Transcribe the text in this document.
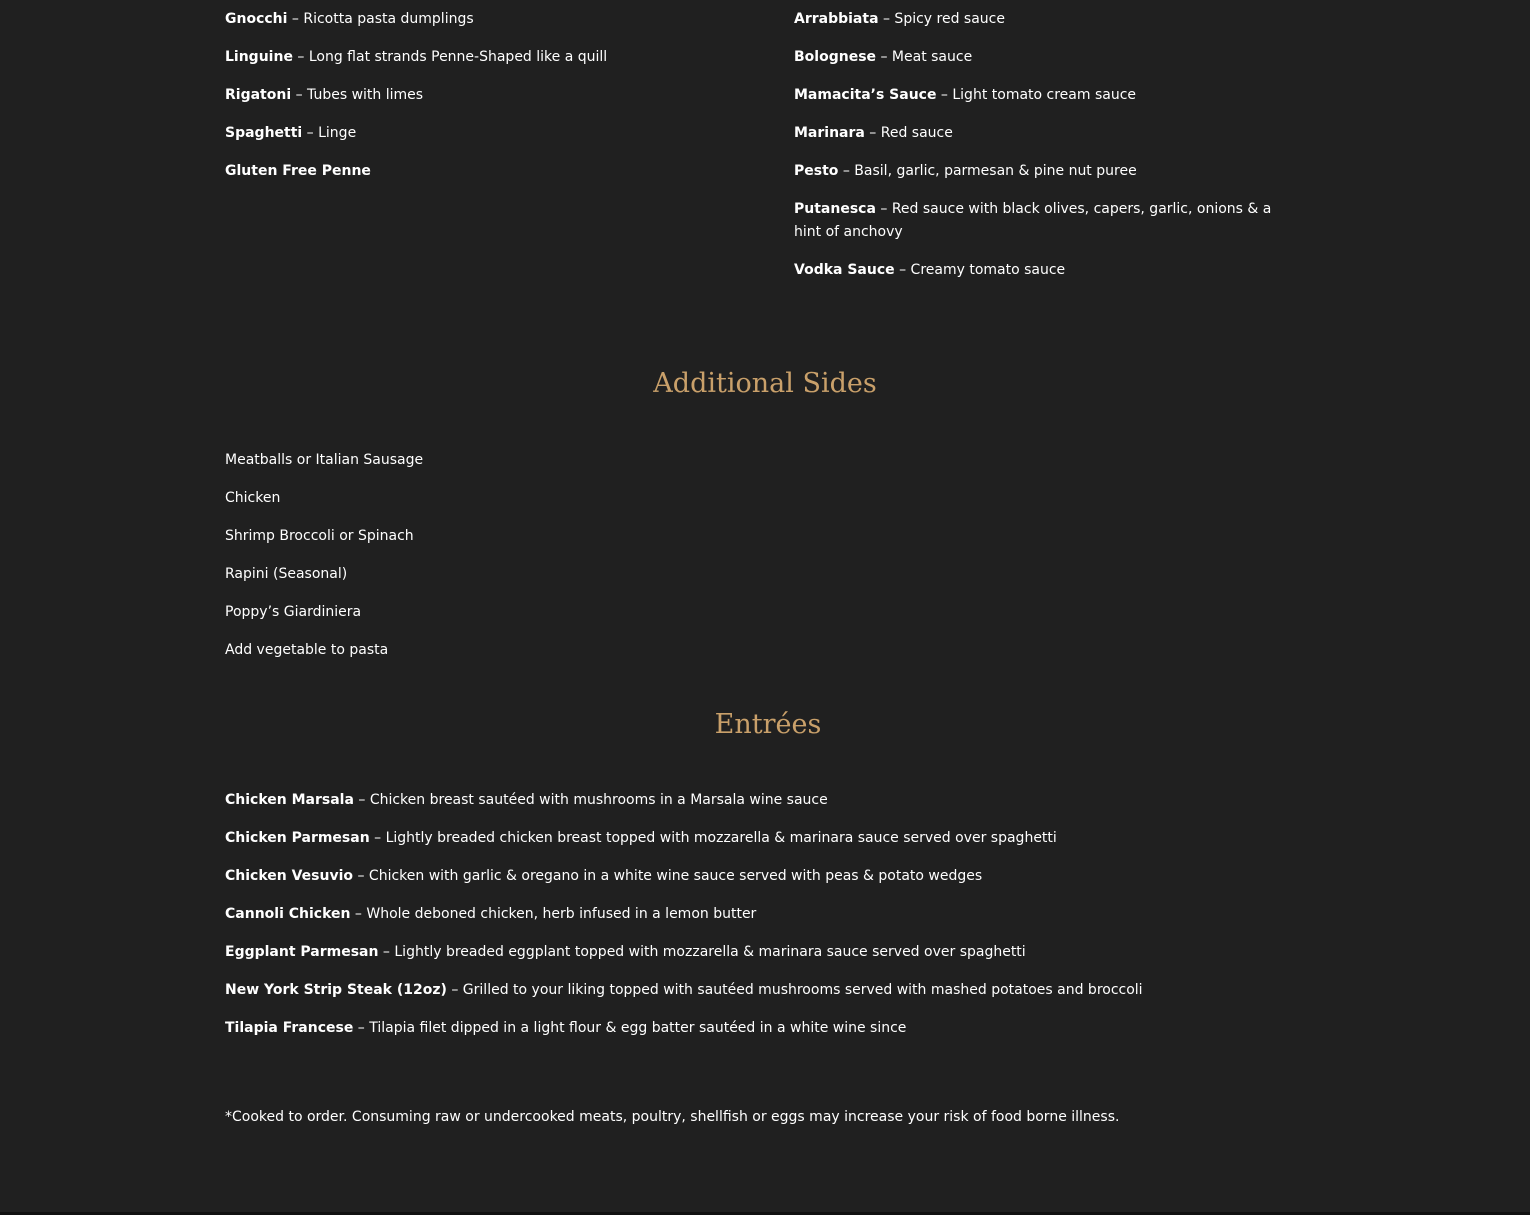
Gnocchi – Ricotta pasta dumplings

Linguine – Long flat strands Penne-Shaped like a quill

Rigatoni – Tubes with limes

Spaghetti – Linge

Gluten Free Penne

Arrabbiata – Spicy red sauce

Bolognese – Meat sauce

Mamacita’s Sauce – Light tomato cream sauce

Marinara – Red sauce

Pesto – Basil, garlic, parmesan & pine nut puree

Putanesca – Red sauce with black olives, capers, garlic, onions & a hint of anchovy

Vodka Sauce – Creamy tomato sauce

Additional Sides

Meatballs or Italian Sausage

Chicken

Shrimp Broccoli or Spinach

Rapini (Seasonal)

Poppy’s Giardiniera

Add vegetable to pasta

Entrées

Chicken Marsala – Chicken breast sautéed with mushrooms in a Marsala wine sauce

Chicken Parmesan – Lightly breaded chicken breast topped with mozzarella & marinara sauce served over spaghetti

Chicken Vesuvio – Chicken with garlic & oregano in a white wine sauce served with peas & potato wedges

Cannoli Chicken – Whole deboned chicken, herb infused in a lemon butter

Eggplant Parmesan – Lightly breaded eggplant topped with mozzarella & marinara sauce served over spaghetti

New York Strip Steak (12oz) – Grilled to your liking topped with sautéed mushrooms served with mashed potatoes and broccoli

Tilapia Francese – Tilapia filet dipped in a light flour & egg batter sautéed in a white wine since

*Cooked to order. Consuming raw or undercooked meats, poultry, shellfish or eggs may increase your risk of food borne illness.
